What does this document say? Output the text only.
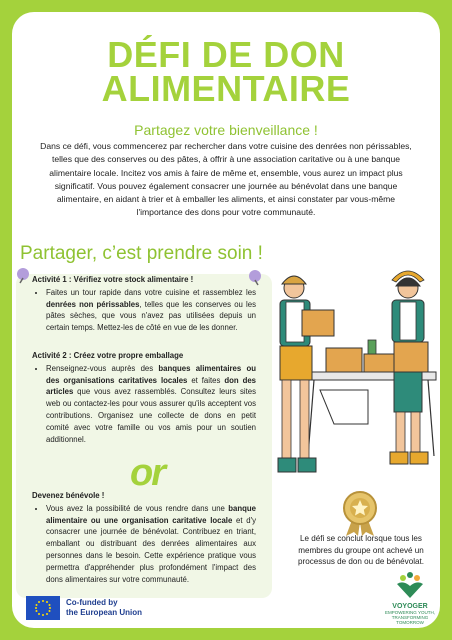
DÉFI DE DON
ALIMENTAIRE
Partagez votre bienveillance !
Dans ce défi, vous commencerez par rechercher dans votre cuisine des denrées non périssables, telles que des conserves ou des pâtes, à offrir à une association caritative ou à une banque alimentaire locale. Incitez vos amis à faire de même et, ensemble, vous aurez un impact plus significatif. Vous pouvez également consacrer une journée au bénévolat dans une banque alimentaire, en aidant à trier et à emballer les aliments, et ainsi constater par vous-même l'importance des dons pour votre communauté.
Partager, c’est prendre soin !
Activité 1 : Vérifiez votre stock alimentaire !
• Faites un tour rapide dans votre cuisine et rassemblez les denrées non périssables, telles que les conserves ou les pâtes sèches, que vous n'avez pas utilisées depuis un certain temps. Mettez-les de côté en vue de les donner.
Activité 2 : Créez votre propre emballage
• Renseignez-vous auprès des banques alimentaires ou des organisations caritatives locales et faites don des articles que vous avez rassemblés. Consultez leurs sites web ou contactez-les pour vous assurer qu'ils acceptent vos contributions. Organisez une collecte de dons en petit comité avec votre famille ou vos amis pour un soutien additionnel.
or
Devenez bénévole !
• Vous avez la possibilité de vous rendre dans une banque alimentaire ou une organisation caritative locale et d'y consacrer une journée de bénévolat. Contribuez en triant, emballant ou distribuant des denrées alimentaires aux personnes dans le besoin. Cette expérience pratique vous permettra d'appréhender plus profondément l'impact des dons alimentaires sur votre communauté.
Le défi se conclut lorsque tous les membres du groupe ont achevé un processus de don ou de bénévolat.
Co-funded by
the European Union
VOYOGER
EMPOWERING YOUTH,
TRANSFORMING
TOMORROW
